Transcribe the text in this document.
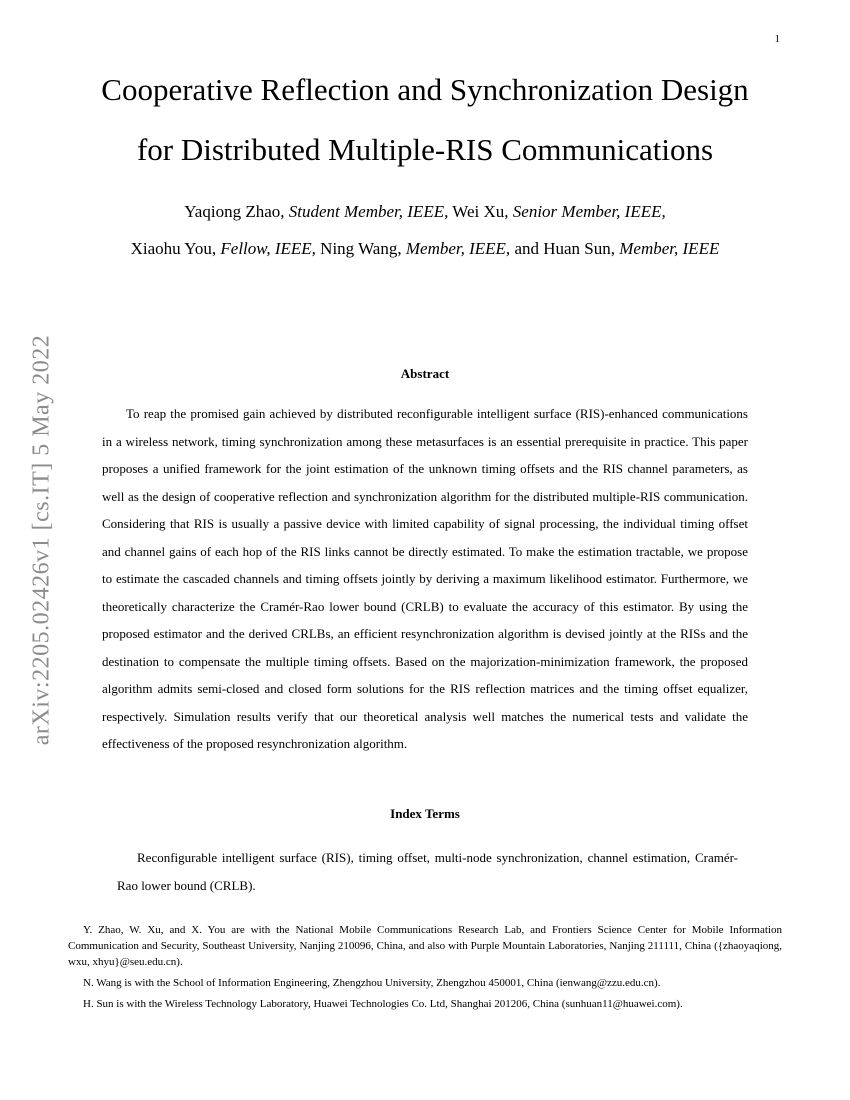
1
arXiv:2205.02426v1 [cs.IT] 5 May 2022
Cooperative Reflection and Synchronization Design
for Distributed Multiple-RIS Communications
Yaqiong Zhao, Student Member, IEEE, Wei Xu, Senior Member, IEEE,
Xiaohu You, Fellow, IEEE, Ning Wang, Member, IEEE, and Huan Sun, Member, IEEE
Abstract
To reap the promised gain achieved by distributed reconfigurable intelligent surface (RIS)-enhanced communications in a wireless network, timing synchronization among these metasurfaces is an essential prerequisite in practice. This paper proposes a unified framework for the joint estimation of the unknown timing offsets and the RIS channel parameters, as well as the design of cooperative reflection and synchronization algorithm for the distributed multiple-RIS communication. Considering that RIS is usually a passive device with limited capability of signal processing, the individual timing offset and channel gains of each hop of the RIS links cannot be directly estimated. To make the estimation tractable, we propose to estimate the cascaded channels and timing offsets jointly by deriving a maximum likelihood estimator. Furthermore, we theoretically characterize the Cramér-Rao lower bound (CRLB) to evaluate the accuracy of this estimator. By using the proposed estimator and the derived CRLBs, an efficient resynchronization algorithm is devised jointly at the RISs and the destination to compensate the multiple timing offsets. Based on the majorization-minimization framework, the proposed algorithm admits semi-closed and closed form solutions for the RIS reflection matrices and the timing offset equalizer, respectively. Simulation results verify that our theoretical analysis well matches the numerical tests and validate the effectiveness of the proposed resynchronization algorithm.
Index Terms
Reconfigurable intelligent surface (RIS), timing offset, multi-node synchronization, channel estimation, Cramér-Rao lower bound (CRLB).

Y. Zhao, W. Xu, and X. You are with the National Mobile Communications Research Lab, and Frontiers Science Center for Mobile Information Communication and Security, Southeast University, Nanjing 210096, China, and also with Purple Mountain Laboratories, Nanjing 211111, China ({zhaoyaqiong, wxu, xhyu}@seu.edu.cn).

N. Wang is with the School of Information Engineering, Zhengzhou University, Zhengzhou 450001, China (ienwang@zzu.edu.cn).

H. Sun is with the Wireless Technology Laboratory, Huawei Technologies Co. Ltd, Shanghai 201206, China (sunhuan11@huawei.com).
